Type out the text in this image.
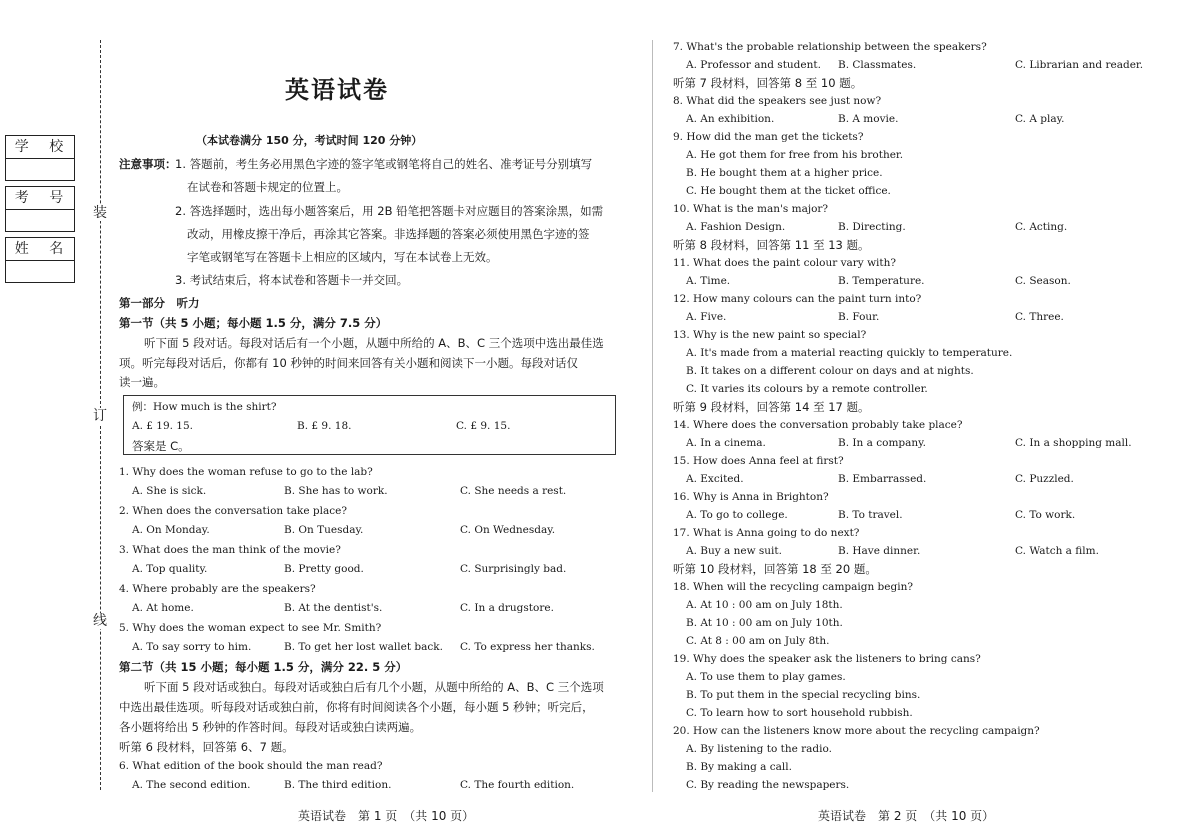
装
订
线
学 校
考 号
姓 名
英语试卷
（本试卷满分 150 分，考试时间 120 分钟）
注意事项：
1. 答题前，考生务必用黑色字迹的签字笔或钢笔将自己的姓名、准考证号分别填写
在试卷和答题卡规定的位置上。
2. 答选择题时，选出每小题答案后，用 2B 铅笔把答题卡对应题目的答案涂黑，如需
改动，用橡皮擦干净后，再涂其它答案。非选择题的答案必须使用黑色字迹的签
字笔或钢笔写在答题卡上相应的区域内，写在本试卷上无效。
3. 考试结束后，将本试卷和答题卡一并交回。
第一部分　听力
第一节（共 5 小题；每小题 1.5 分，满分 7.5 分）
听下面 5 段对话。每段对话后有一个小题，从题中所给的 A、B、C 三个选项中选出最佳选
项。听完每段对话后，你都有 10 秒钟的时间来回答有关小题和阅读下一小题。每段对话仅
读一遍。
例：How much is the shirt?
A. £ 19. 15.	B. £ 9. 18.	C. £ 9. 15.
答案是 C。
1. Why does the woman refuse to go to the lab?
A. She is sick.	B. She has to work.	C. She needs a rest.
2. When does the conversation take place?
A. On Monday.	B. On Tuesday.	C. On Wednesday.
3. What does the man think of the movie?
A. Top quality.	B. Pretty good.	C. Surprisingly bad.
4. Where probably are the speakers?
A. At home.	B. At the dentist's.	C. In a drugstore.
5. Why does the woman expect to see Mr. Smith?
A. To say sorry to him.	B. To get her lost wallet back. C. To express her thanks.
第二节（共 15 小题；每小题 1.5 分，满分 22. 5 分）
听下面 5 段对话或独白。每段对话或独白后有几个小题，从题中所给的 A、B、C 三个选项
中选出最佳选项。听每段对话或独白前，你将有时间阅读各个小题，每小题 5 秒钟；听完后，
各小题将给出 5 秒钟的作答时间。每段对话或独白读两遍。
听第 6 段材料，回答第 6、7 题。
6. What edition of the book should the man read?
A. The second edition.	B. The third edition.	C. The fourth edition.
7. What's the probable relationship between the speakers?
A. Professor and student. B. Classmates.	C. Librarian and reader.
听第 7 段材料，回答第 8 至 10 题。
8. What did the speakers see just now?
A. An exhibition.	B. A movie.	C. A play.
9. How did the man get the tickets?
A. He got them for free from his brother.
B. He bought them at a higher price.
C. He bought them at the ticket office.
10. What is the man's major?
A. Fashion Design.	B. Directing.	C. Acting.
听第 8 段材料，回答第 11 至 13 题。
11. What does the paint colour vary with?
A. Time.	B. Temperature.	C. Season.
12. How many colours can the paint turn into?
A. Five.	B. Four.	C. Three.
13. Why is the new paint so special?
A. It's made from a material reacting quickly to temperature.
B. It takes on a different colour on days and at nights.
C. It varies its colours by a remote controller.
听第 9 段材料，回答第 14 至 17 题。
14. Where does the conversation probably take place?
A. In a cinema.	B. In a company.	C. In a shopping mall.
15. How does Anna feel at first?
A. Excited.	B. Embarrassed.	C. Puzzled.
16. Why is Anna in Brighton?
A. To go to college.	B. To travel.	C. To work.
17. What is Anna going to do next?
A. Buy a new suit.	B. Have dinner.	C. Watch a film.
听第 10 段材料，回答第 18 至 20 题。
18. When will the recycling campaign begin?
A. At 10 : 00 am on July 18th.
B. At 10 : 00 am on July 10th.
C. At 8 : 00 am on July 8th.
19. Why does the speaker ask the listeners to bring cans?
A. To use them to play games.
B. To put them in the special recycling bins.
C. To learn how to sort household rubbish.
20. How can the listeners know more about the recycling campaign?
A. By listening to the radio.
B. By making a call.
C. By reading the newspapers.
英语试卷　第 1 页　（共 10 页）	英语试卷　第 2 页　（共 10 页）
